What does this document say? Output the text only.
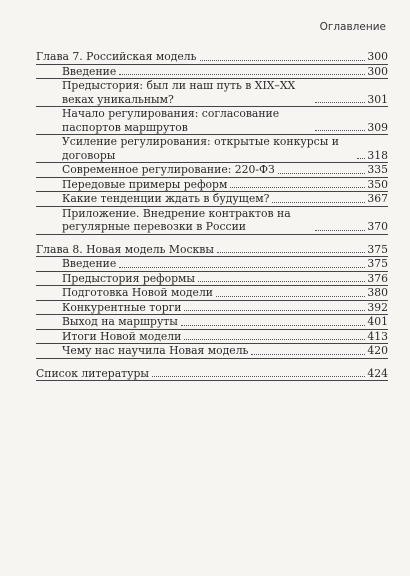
Оглавление
Глава 7. Российская модель	300
Введение	300
Предыстория: был ли наш путь в XIX–XX веках уникальным?	301
Начало регулирования: согласование паспортов маршрутов	309
Усиление регулирования: открытые конкурсы и договоры	318
Современное регулирование: 220-ФЗ	335
Передовые примеры реформ	350
Какие тенденции ждать в будущем?	367
Приложение. Внедрение контрактов на регулярные перевозки в России	370
Глава 8. Новая модель Москвы	375
Введение	375
Предыстория реформы	376
Подготовка Новой модели	380
Конкурентные торги	392
Выход на маршруты	401
Итоги Новой модели	413
Чему нас научила Новая модель	420
Список литературы	424
